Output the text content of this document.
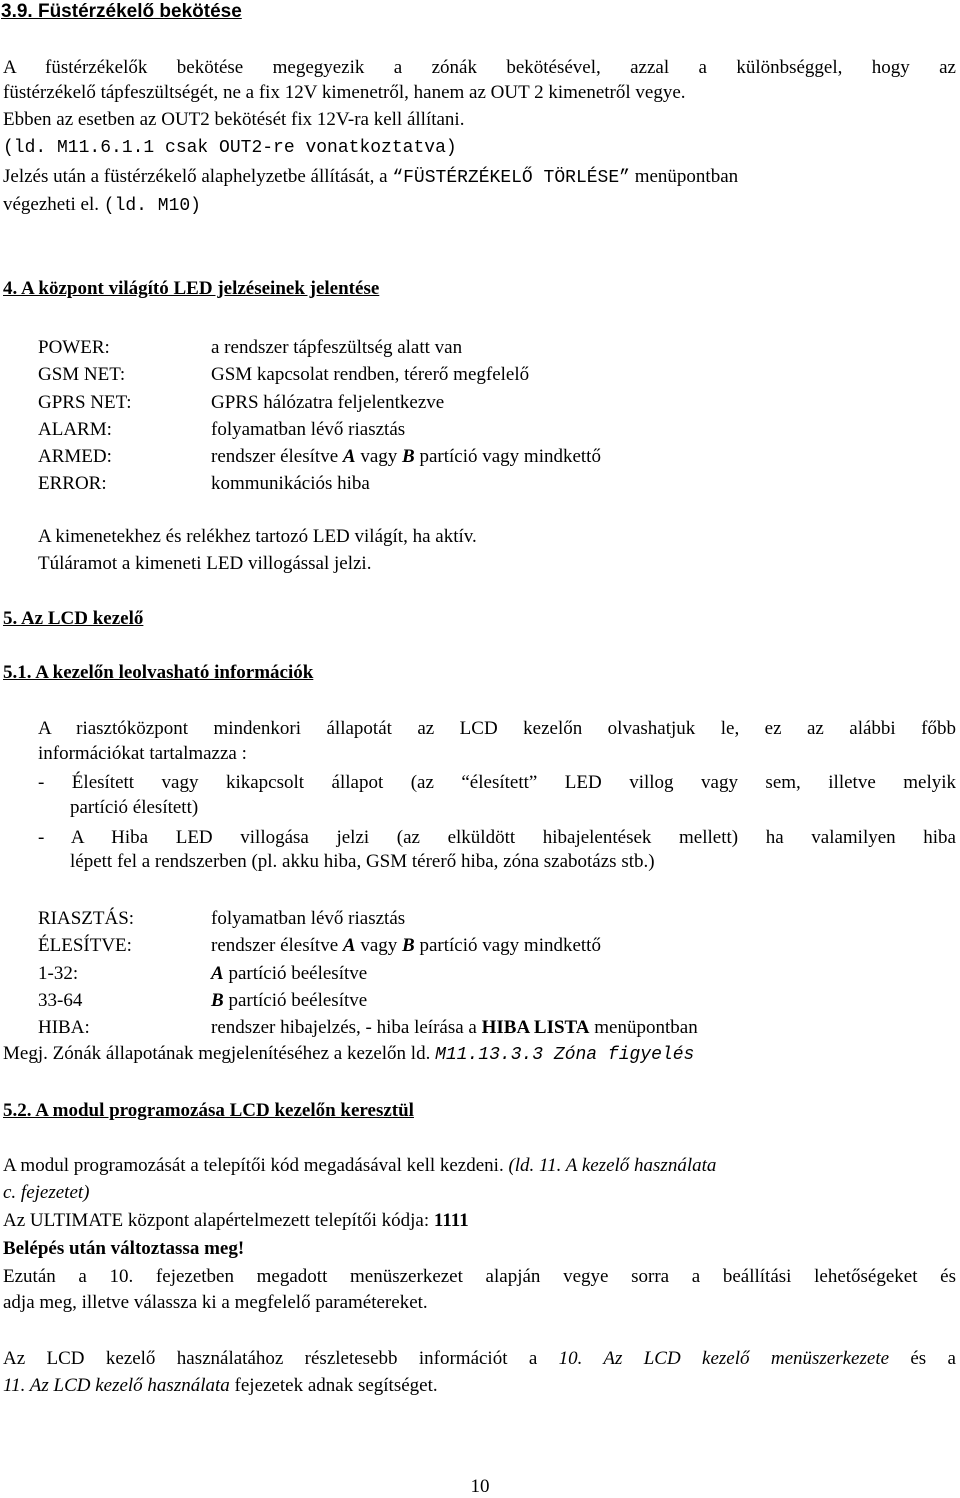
3.9. Füstérzékelő bekötése
A füstérzékelők bekötése megegyezik a zónák bekötésével, azzal a különbséggel, hogy az
füstérzékelő tápfeszültségét, ne a fix 12V kimenetről, hanem az OUT 2 kimenetről vegye.
Ebben az esetben az OUT2 bekötését fix 12V-ra kell állítani.
(ld. M11.6.1.1 csak OUT2-re vonatkoztatva)
Jelzés után a füstérzékelő alaphelyzetbe állítását, a “FÜSTÉRZÉKELŐ TÖRLÉSE” menüpontban
végezheti el. (ld. M10)
4. A központ világító LED jelzéseinek jelentése
POWER:	a rendszer tápfeszültség alatt van
GSM NET:	GSM kapcsolat rendben, térerő megfelelő
GPRS NET:	GPRS hálózatra feljelentkezve
ALARM:	folyamatban lévő riasztás
ARMED:	rendszer élesítve A vagy B partíció vagy mindkettő
ERROR:	kommunikációs hiba
A kimenetekhez és relékhez tartozó LED világít, ha aktív.
Túláramot a kimeneti LED villogással jelzi.
5. Az LCD kezelő
5.1. A kezelőn leolvasható információk
A riasztóközpont mindenkori állapotát az LCD kezelőn olvashatjuk le, ez az alábbi főbb
információkat tartalmazza :
- Élesített vagy kikapcsolt állapot (az “élesített” LED villog vagy sem, illetve melyik
partíció élesített)
- A Hiba LED villogása jelzi (az elküldött hibajelentések mellett) ha valamilyen hiba
lépett fel a rendszerben (pl. akku hiba, GSM térerő hiba, zóna szabotázs stb.)
RIASZTÁS:	folyamatban lévő riasztás
ÉLESÍTVE:	rendszer élesítve A vagy B partíció vagy mindkettő
1-32:	A partíció beélesítve
33-64	B partíció beélesítve
HIBA:	rendszer hibajelzés, - hiba leírása a HIBA LISTA menüpontban
Megj. Zónák állapotának megjelenítéséhez a kezelőn ld. M11.13.3.3 Zóna figyelés
5.2. A modul programozása LCD kezelőn keresztül
A modul programozását a telepítői kód megadásával kell kezdeni. (ld. 11. A kezelő használata
c. fejezetet)
Az ULTIMATE központ alapértelmezett telepítői kódja: 1111
Belépés után változtassa meg!
Ezután a 10. fejezetben megadott menüszerkezet alapján vegye sorra a beállítási lehetőségeket és
adja meg, illetve válassza ki a megfelelő paramétereket.
Az LCD kezelő használatához részletesebb információt a 10. Az LCD kezelő menüszerkezete és a
11. Az LCD kezelő használata fejezetek adnak segítséget.
10
